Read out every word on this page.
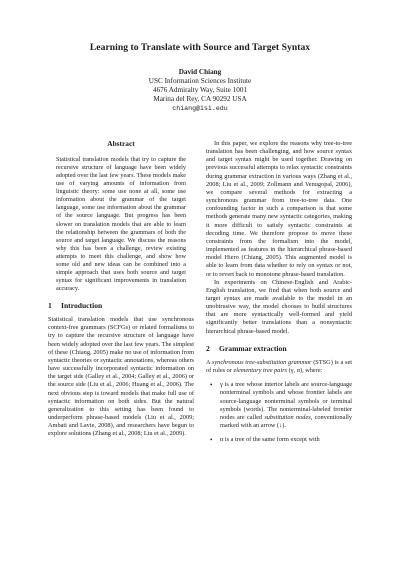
Learning to Translate with Source and Target Syntax
David Chiang
USC Information Sciences Institute
4676 Admiralty Way, Suite 1001
Marina del Rey, CA 90292 USA
chiang@isi.edu
Abstract

Statistical translation models that try to capture the recursive structure of language have been widely adopted over the last few years. These models make use of varying amounts of information from linguistic theory: some use none at all, some use information about the grammar of the target language, some use information about the grammar of the source language. But progress has been slower on translation models that are able to learn the relationship between the grammars of both the source and target language. We discuss the reasons why this has been a challenge, review existing attempts to meet this challenge, and show how some old and new ideas can be combined into a simple approach that uses both source and target syntax for significant improvements in translation accuracy.

1 Introduction

Statistical translation models that use synchronous context-free grammars (SCFGs) or related formalisms to try to capture the recursive structure of language have been widely adopted over the last few years. The simplest of these (Chiang, 2005) make no use of information from syntactic theories or syntactic annotations, whereas others have successfully incorporated syntactic information on the target side (Galley et al., 2004; Galley et al., 2006) or the source side (Liu et al., 2006; Huang et al., 2006). The next obvious step is toward models that make full use of syntactic information on both sides. But the natural generalization to this setting has been found to underperform phrase-based models (Liu et al., 2009; Ambati and Lavie, 2008), and researchers have begun to explore solutions (Zhang et al., 2008; Liu et al., 2009).

In this paper, we explore the reasons why tree-to-tree translation has been challenging, and how source syntax and target syntax might be used together. Drawing on previous successful attempts to relax syntactic constraints during grammar extraction in various ways (Zhang et al., 2008; Liu et al., 2009; Zollmann and Venugopal, 2006), we compare several methods for extracting a synchronous grammar from tree-to-tree data. One confounding factor in such a comparison is that some methods generate many new syntactic categories, making it more difficult to satisfy syntactic constraints at decoding time. We therefore propose to move these constraints from the formalism into the model, implemented as features in the hierarchical phrase-based model Hiero (Chiang, 2005). This augmented model is able to learn from data whether to rely on syntax or not, or to revert back to monotone phrase-based translation.

In experiments on Chinese-English and Arabic-English translation, we find that when both source and target syntax are made available to the model in an unobtrusive way, the model chooses to build structures that are more syntactically well-formed and yield significantly better translations than a nonsyntactic hierarchical phrase-based model.

2 Grammar extraction

A synchronous tree-substitution grammar (STSG) is a set of rules or elementary tree pairs (γ, α), where:

•	γ is a tree whose interior labels are source-language nonterminal symbols and whose frontier labels are source-language nonterminal symbols or terminal symbols (words). The nonterminal-labeled frontier nodes are called substitution nodes, conventionally marked with an arrow (↓).
•	α is a tree of the same form except with
